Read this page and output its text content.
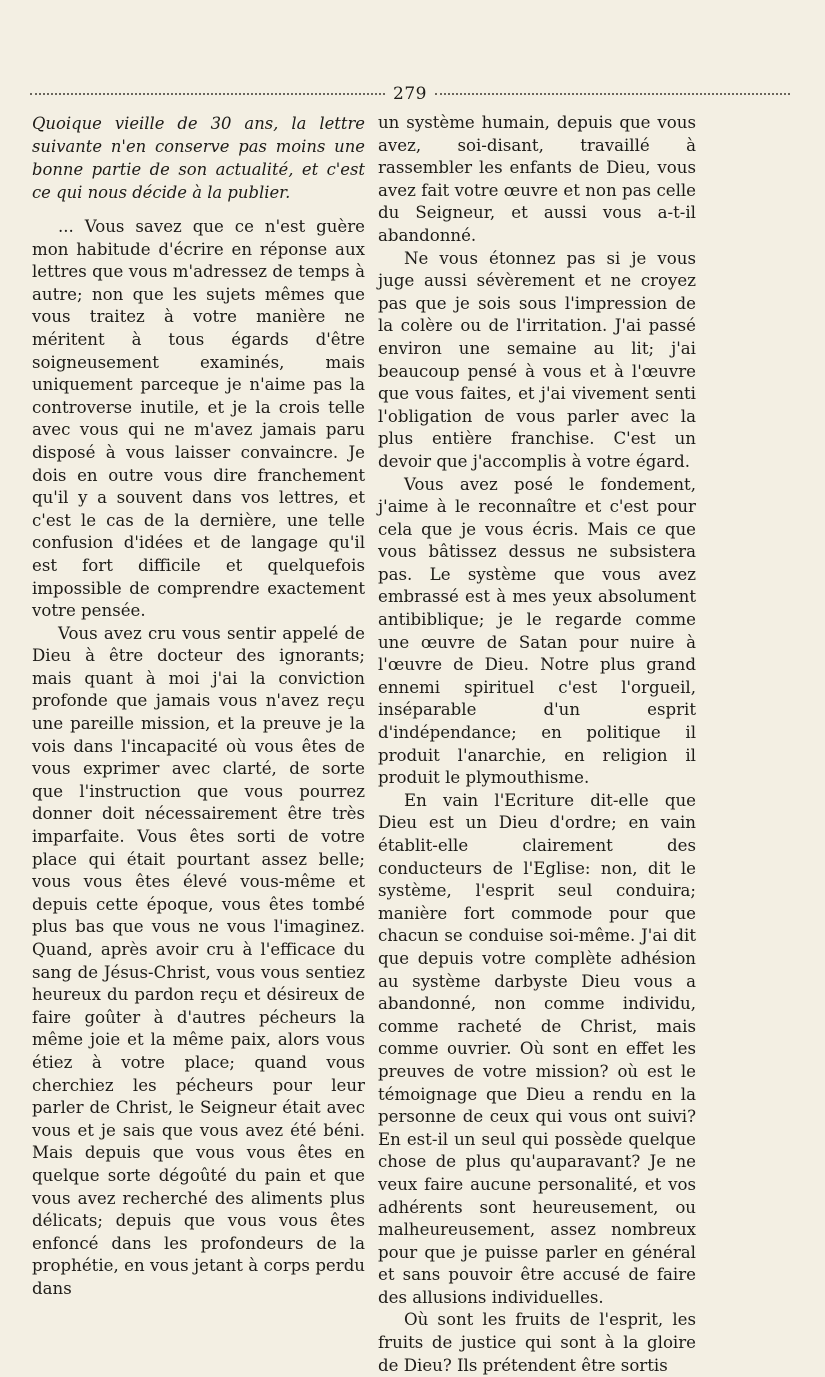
279

Quoique vieille de 30 ans, la lettre suivante n'en conserve pas moins une bonne partie de son actualité, et c'est ce qui nous décide à la publier.

... Vous savez que ce n'est guère mon habitude d'écrire en réponse aux lettres que vous m'adressez de temps à autre; non que les sujets mêmes que vous traitez à votre manière ne méritent à tous égards d'être soigneusement examinés, mais uniquement parceque je n'aime pas la controverse inutile, et je la crois telle avec vous qui ne m'avez jamais paru disposé à vous laisser convaincre. Je dois en outre vous dire franchement qu'il y a souvent dans vos lettres, et c'est le cas de la dernière, une telle confusion d'idées et de langage qu'il est fort difficile et quelquefois impossible de comprendre exactement votre pensée.

Vous avez cru vous sentir appelé de Dieu à être docteur des ignorants; mais quant à moi j'ai la conviction profonde que jamais vous n'avez reçu une pareille mission, et la preuve je la vois dans l'incapacité où vous êtes de vous exprimer avec clarté, de sorte que l'instruction que vous pourrez donner doit nécessairement être très imparfaite. Vous êtes sorti de votre place qui était pourtant assez belle; vous vous êtes élevé vous-même et depuis cette époque, vous êtes tombé plus bas que vous ne vous l'imaginez. Quand, après avoir cru à l'efficace du sang de Jésus-Christ, vous vous sentiez heureux du pardon reçu et désireux de faire goûter à d'autres pécheurs la même joie et la même paix, alors vous étiez à votre place; quand vous cherchiez les pécheurs pour leur parler de Christ, le Seigneur était avec vous et je sais que vous avez été béni. Mais depuis que vous vous êtes en quelque sorte dégoûté du pain et que vous avez recherché des aliments plus délicats; depuis que vous vous êtes enfoncé dans les profondeurs de la prophétie, en vous jetant à corps perdu dans

un système humain, depuis que vous avez, soi-disant, travaillé à rassembler les enfants de Dieu, vous avez fait votre œuvre et non pas celle du Seigneur, et aussi vous a-t-il abandonné.

Ne vous étonnez pas si je vous juge aussi sévèrement et ne croyez pas que je sois sous l'impression de la colère ou de l'irritation. J'ai passé environ une semaine au lit; j'ai beaucoup pensé à vous et à l'œuvre que vous faites, et j'ai vivement senti l'obligation de vous parler avec la plus entière franchise. C'est un devoir que j'accomplis à votre égard.

Vous avez posé le fondement, j'aime à le reconnaître et c'est pour cela que je vous écris. Mais ce que vous bâtissez dessus ne subsistera pas. Le système que vous avez embrassé est à mes yeux absolument antibiblique; je le regarde comme une œuvre de Satan pour nuire à l'œuvre de Dieu. Notre plus grand ennemi spirituel c'est l'orgueil, inséparable d'un esprit d'indépendance; en politique il produit l'anarchie, en religion il produit le plymouthisme.

En vain l'Ecriture dit-elle que Dieu est un Dieu d'ordre; en vain établit-elle clairement des conducteurs de l'Eglise: non, dit le système, l'esprit seul conduira; manière fort commode pour que chacun se conduise soi-même. J'ai dit que depuis votre complète adhésion au système darbyste Dieu vous a abandonné, non comme individu, comme racheté de Christ, mais comme ouvrier. Où sont en effet les preuves de votre mission? où est le témoignage que Dieu a rendu en la personne de ceux qui vous ont suivi? En est-il un seul qui possède quelque chose de plus qu'auparavant? Je ne veux faire aucune personalité, et vos adhérents sont heureusement, ou malheureusement, assez nombreux pour que je puisse parler en général et sans pouvoir être accusé de faire des allusions individuelles.

Où sont les fruits de l'esprit, les fruits de justice qui sont à la gloire de Dieu? Ils prétendent être sortis
